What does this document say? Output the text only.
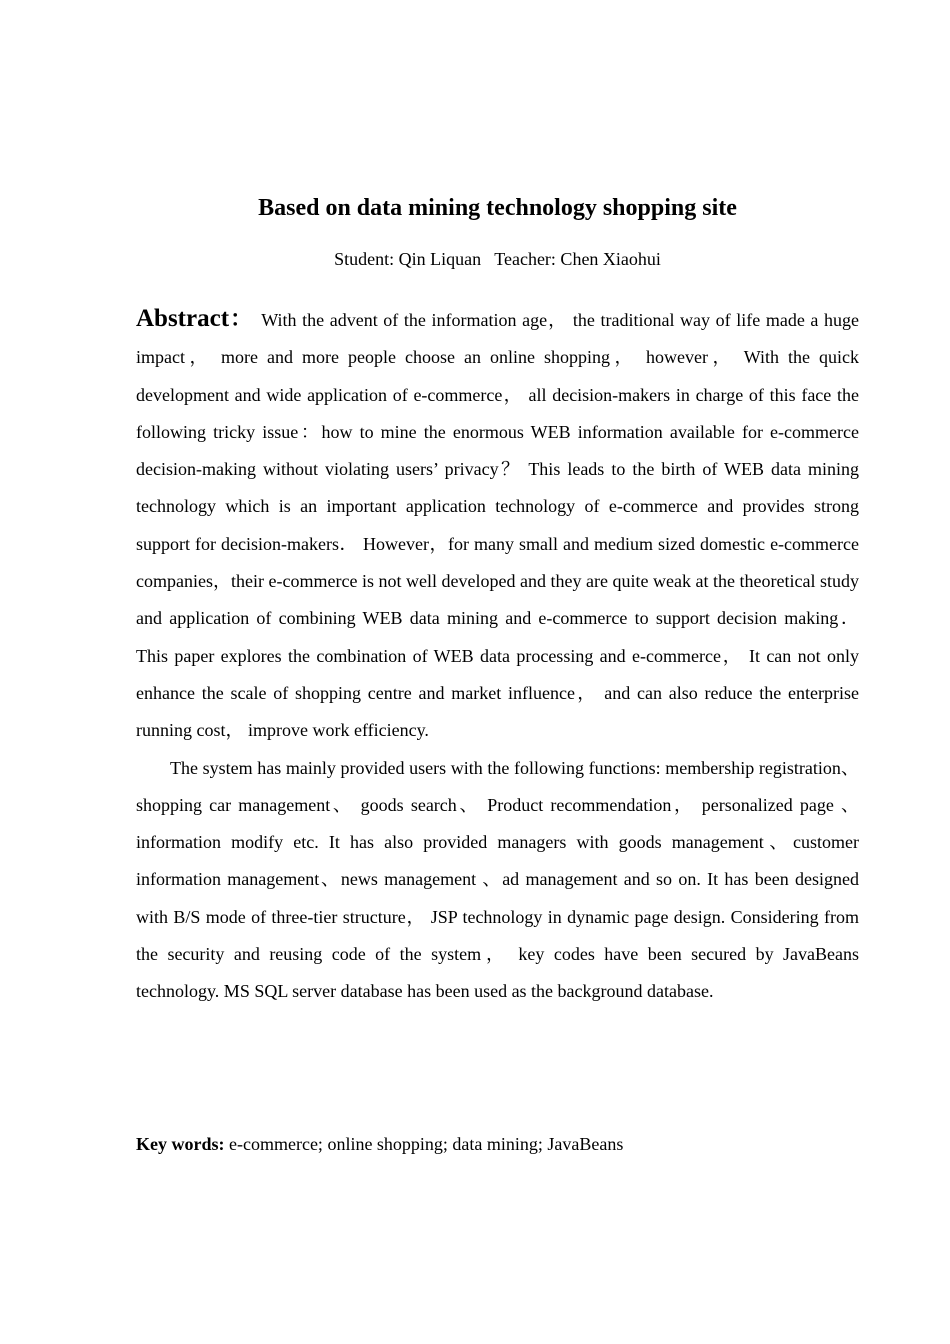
Based on data mining technology shopping site
Student: Qin Liquan   Teacher: Chen Xiaohui

Abstract： With the advent of the information age， the traditional way of life made a huge impact， more and more people choose an online shopping， however， With the quick development and wide application of e-commerce， all decision-makers in charge of this face the following tricky issue：how to mine the enormous WEB information available for e-commerce decision-making without violating users’ privacy？ This leads to the birth of WEB data mining technology which is an important application technology of e-commerce and provides strong support for decision-makers． However，for many small and medium sized domestic e-commerce companies，their e-commerce is not well developed and they are quite weak at the theoretical study and application of combining WEB data mining and e-commerce to support decision making． This paper explores the combination of WEB data processing and e-commerce， It can not only enhance the scale of shopping centre and market influence， and can also reduce the enterprise running cost， improve work efficiency.

The system has mainly provided users with the following functions: membership registration、 shopping car management、 goods search、 Product recommendation， personalized page 、 information modify etc. It has also provided managers with goods management、customer information management、news management 、ad management and so on. It has been designed with B/S mode of three-tier structure， JSP technology in dynamic page design. Considering from the security and reusing code of the system， key codes have been secured by JavaBeans technology. MS SQL server database has been used as the background database.

Key words: e-commerce; online shopping; data mining; JavaBeans
